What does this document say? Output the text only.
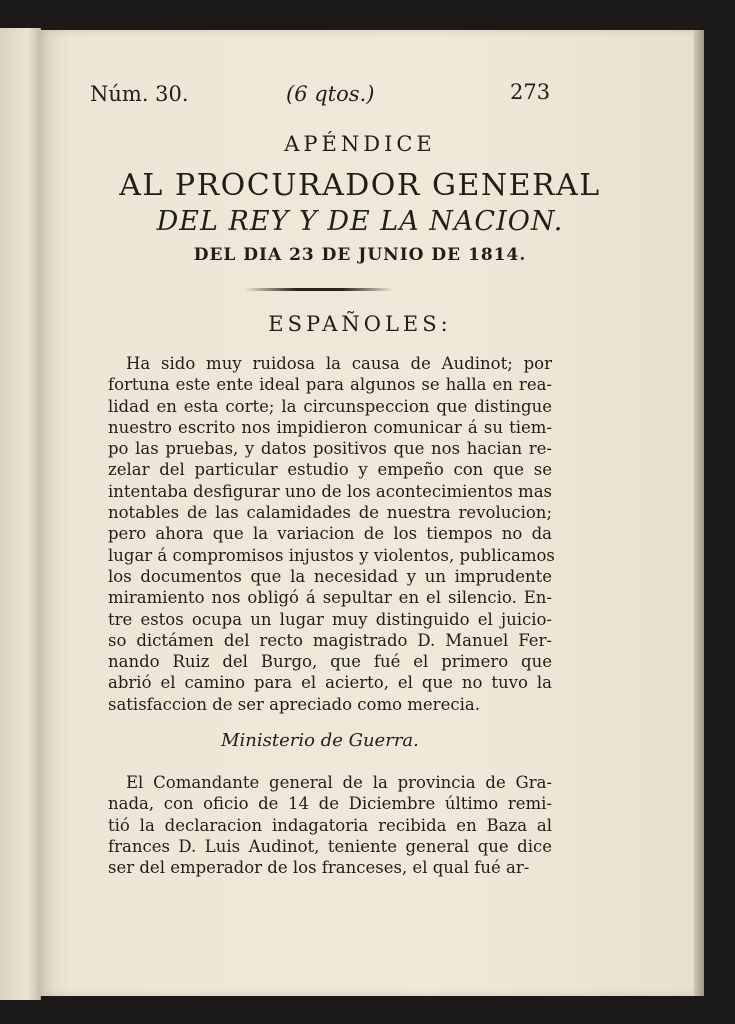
Núm. 30.	(6 qtos.)	273
APÉNDICE
AL PROCURADOR GENERAL
DEL REY Y DE LA NACION.
DEL DIA 23 DE JUNIO DE 1814.
ESPAÑOLES:

Ha sido muy ruidosa la causa de Audinot; por
fortuna este ente ideal para algunos se halla en rea-
lidad en esta corte; la circunspeccion que distingue
nuestro escrito nos impidieron comunicar á su tiem-
po las pruebas, y datos positivos que nos hacian re-
zelar del particular estudio y empeño con que se
intentaba desfigurar uno de los acontecimientos mas
notables de las calamidades de nuestra revolucion;
pero ahora que la variacion de los tiempos no da
lugar á compromisos injustos y violentos, publicamos
los documentos que la necesidad y un imprudente
miramiento nos obligó á sepultar en el silencio. En-
tre estos ocupa un lugar muy distinguido el juicio-
so dictámen del recto magistrado D. Manuel Fer-
nando Ruiz del Burgo, que fué el primero que
abrió el camino para el acierto, el que no tuvo la
satisfaccion de ser apreciado como merecia.

Ministerio de Guerra.

El Comandante general de la provincia de Gra-
nada, con oficio de 14 de Diciembre último remi-
tió la declaracion indagatoria recibida en Baza al
frances D. Luis Audinot, teniente general que dice
ser del emperador de los franceses, el qual fué ar-
